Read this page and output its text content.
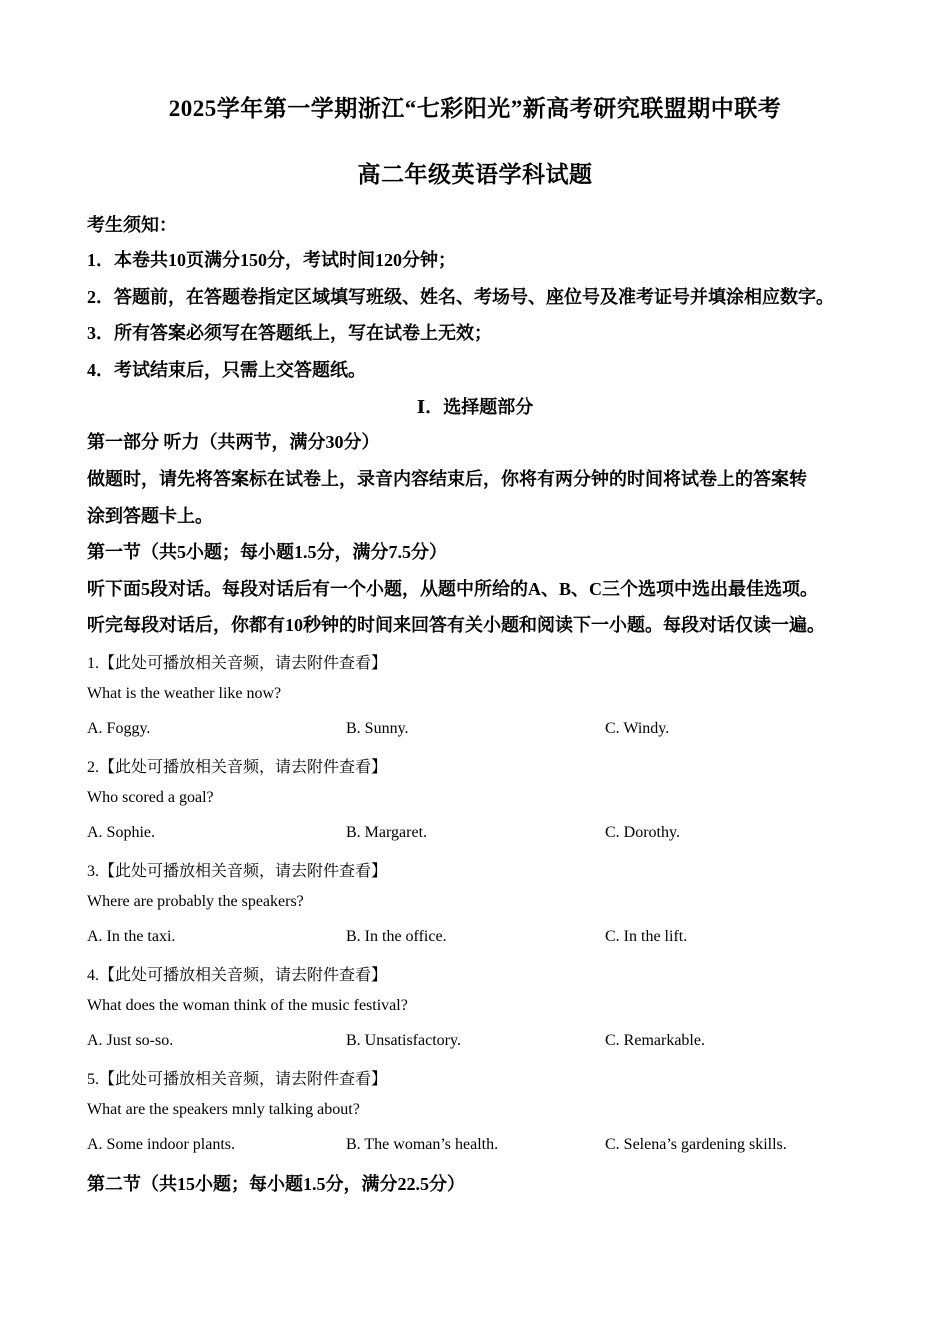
2025学年第一学期浙江“七彩阳光”新高考研究联盟期中联考
高二年级英语学科试题
考生须知：
1．本卷共10页满分150分，考试时间120分钟；
2．答题前，在答题卷指定区域填写班级、姓名、考场号、座位号及准考证号并填涂相应数字。
3．所有答案必须写在答题纸上，写在试卷上无效；
4．考试结束后，只需上交答题纸。
Ⅰ．选择题部分
第一部分 听力（共两节，满分30分）
做题时，请先将答案标在试卷上，录音内容结束后，你将有两分钟的时间将试卷上的答案转
涂到答题卡上。
第一节（共5小题；每小题1.5分，满分7.5分）
听下面5段对话。每段对话后有一个小题，从题中所给的A、B、C三个选项中选出最佳选项。
听完每段对话后，你都有10秒钟的时间来回答有关小题和阅读下一小题。每段对话仅读一遍。
1.【此处可播放相关音频，请去附件查看】
What is the weather like now?
A. Foggy.	B. Sunny.	C. Windy.
2.【此处可播放相关音频，请去附件查看】
Who scored a goal?
A. Sophie.	B. Margaret.	C. Dorothy.
3.【此处可播放相关音频，请去附件查看】
Where are probably the speakers?
A. In the taxi.	B. In the office.	C. In the lift.
4.【此处可播放相关音频，请去附件查看】
What does the woman think of the music festival?
A. Just so-so.	B. Unsatisfactory.	C. Remarkable.
5.【此处可播放相关音频，请去附件查看】
What are the speakers mnly talking about?
A. Some indoor plants.	B. The woman’s health.	C. Selena’s gardening skills.
第二节（共15小题；每小题1.5分，满分22.5分）
